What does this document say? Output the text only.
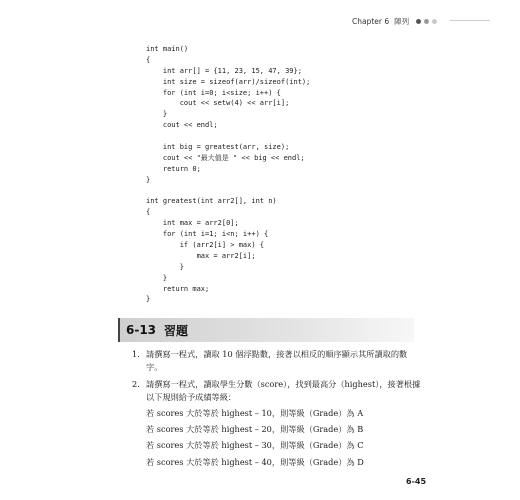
Chapter 6 陣列
int main()
{
int arr[] = {11, 23, 15, 47, 39};
int size = sizeof(arr)/sizeof(int);
for (int i=0; i<size; i++) {
cout << setw(4) << arr[i];
}
cout << endl;
int big = greatest(arr, size);
cout << "最大值是 " << big << endl;
return 0;
}
int greatest(int arr2[], int n)
{
int max = arr2[0];
for (int i=1; i<n; i++) {
if (arr2[i] > max) {
max = arr2[i];
}
}
return max;
}
6-13 習題
1. 請撰寫一程式，讀取 10 個浮點數，接著以相反的順序顯示其所讀取的數字。
2. 請撰寫一程式，讀取學生分數（score），找到最高分（highest），接著根據以下規則給予成績等級：
若 scores 大於等於 highest – 10，則等級（Grade）為 A
若 scores 大於等於 highest – 20，則等級（Grade）為 B
若 scores 大於等於 highest – 30，則等級（Grade）為 C
若 scores 大於等於 highest – 40，則等級（Grade）為 D
6-45
